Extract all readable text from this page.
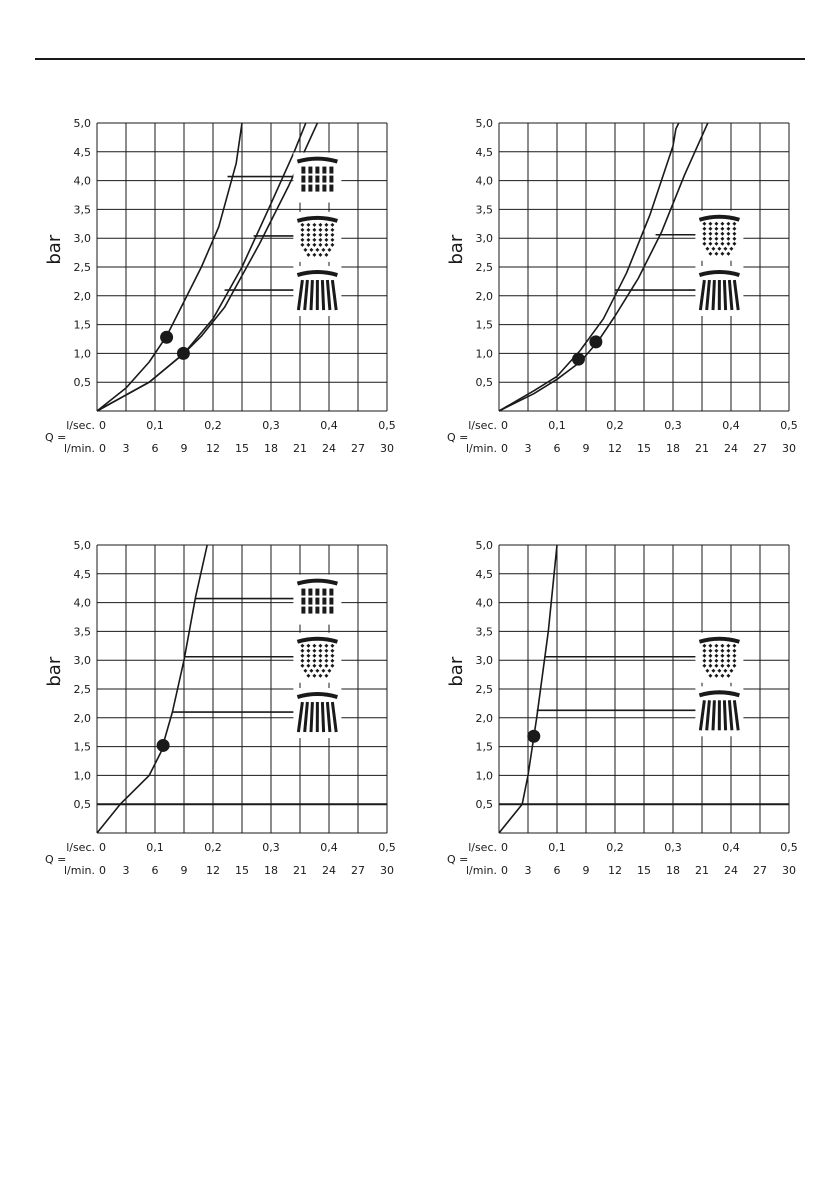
0,5
1,0
1,5
2,0
2,5
3,0
3,5
4,0
4,5
5,0
bar
0	0,1	0,2	0,3	0,4	0,5
0 3 6 9 12 15 18 21 24 27 30
l/sec.
l/min.
Q =
0,5
1,0
1,5
2,0
2,5
3,0
3,5
4,0
4,5
5,0
bar
0	0,1	0,2	0,3	0,4	0,5
0 3 6 9 12 15 18 21 24 27 30
l/sec.
l/min.
Q =
0,5
1,0
1,5
2,0
2,5
3,0
3,5
4,0
4,5
5,0
bar
0	0,1	0,2	0,3	0,4	0,5
0 3 6 9 12 15 18 21 24 27 30
l/sec.
l/min.
Q =
0,5
1,0
1,5
2,0
2,5
3,0
3,5
4,0
4,5
5,0
bar
0	0,1	0,2	0,3	0,4	0,5
0 3 6 9 12 15 18 21 24 27 30
l/sec.
l/min.
Q =
